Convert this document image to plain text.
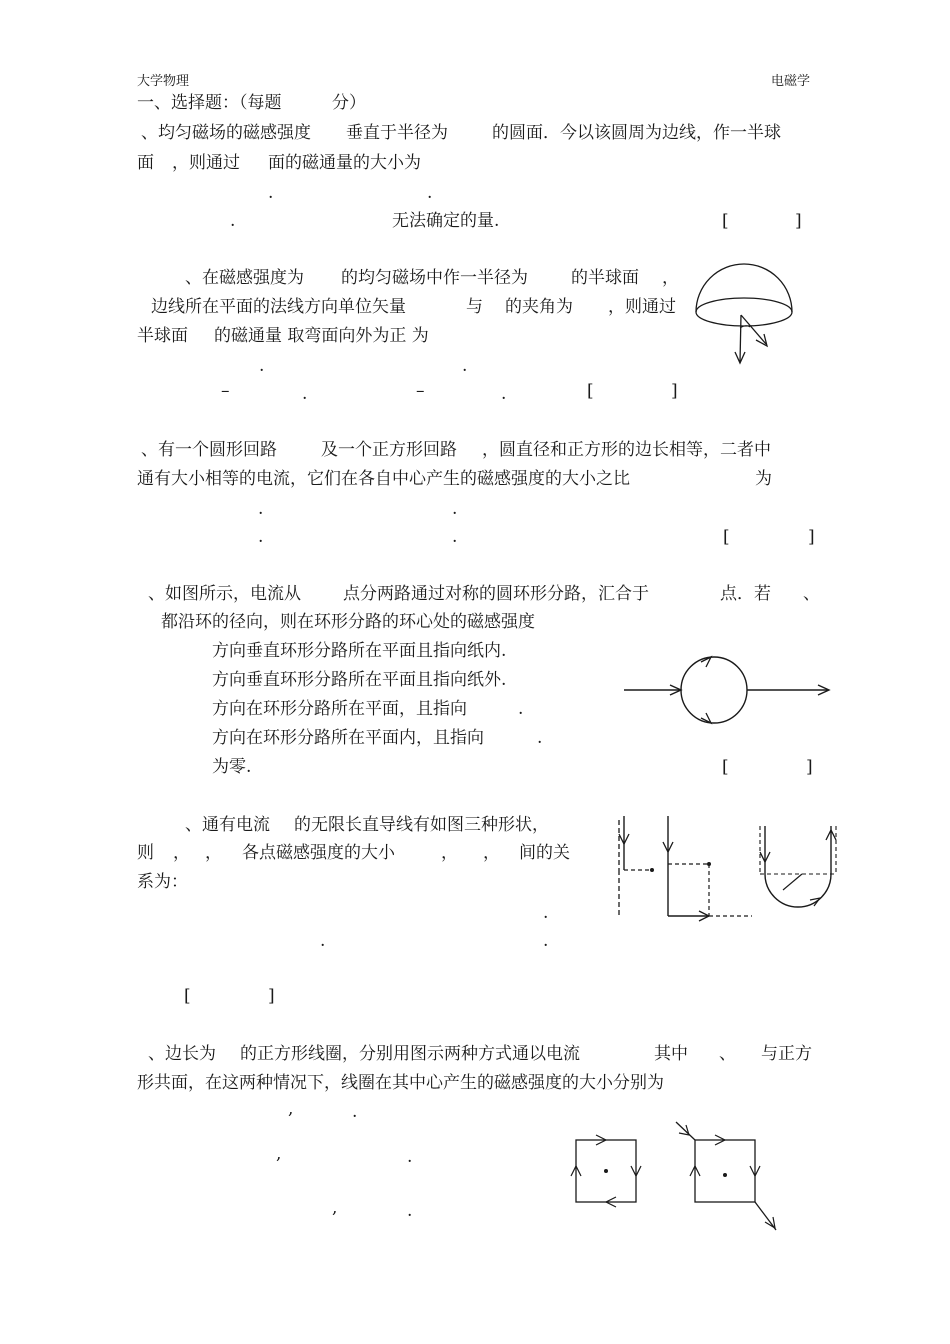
大学物理	电磁学
一、选择题：（每题	分）
、均匀磁场的磁感强度 垂直于半径为	的圆面．今以该圆周为边线，作一半球
面 ，则通过 面的磁通量的大小为
.	.
.	无法确定的量.	[	]
、在磁感强度为 的均匀磁场中作一半径为	的半球面 ，
边线所在平面的法线方向单位矢量	与 的夹角为 ，则通过
半球面 的磁通量 取弯面向外为正 为
.	.
–	.	–	.	[	]
、有一个圆形回路	及一个正方形回路 ，圆直径和正方形的边长相等，二者中
通有大小相等的电流，它们在各自中心产生的磁感强度的大小之比	为
.	.
.	.	[	]
、如图所示，电流从 点分两路通过对称的圆环形分路，汇合于	点．若 、
都沿环的径向，则在环形分路的环心处的磁感强度
方向垂直环形分路所在平面且指向纸内.
方向垂直环形分路所在平面且指向纸外.
方向在环形分路所在平面，且指向	.
方向在环形分路所在平面内，且指向	.
为零.	[	]
、通有电流 的无限长直导线有如图三种形状，
则 ， ， 各点磁感强度的大小	， ， 间的关
系为：
.
.	.
[	]
、边长为 的正方形线圈，分别用图示两种方式通以电流	其中 、 与正方
形共面，在这两种情况下，线圈在其中心产生的磁感强度的大小分别为
,	.
,	.
,	.
